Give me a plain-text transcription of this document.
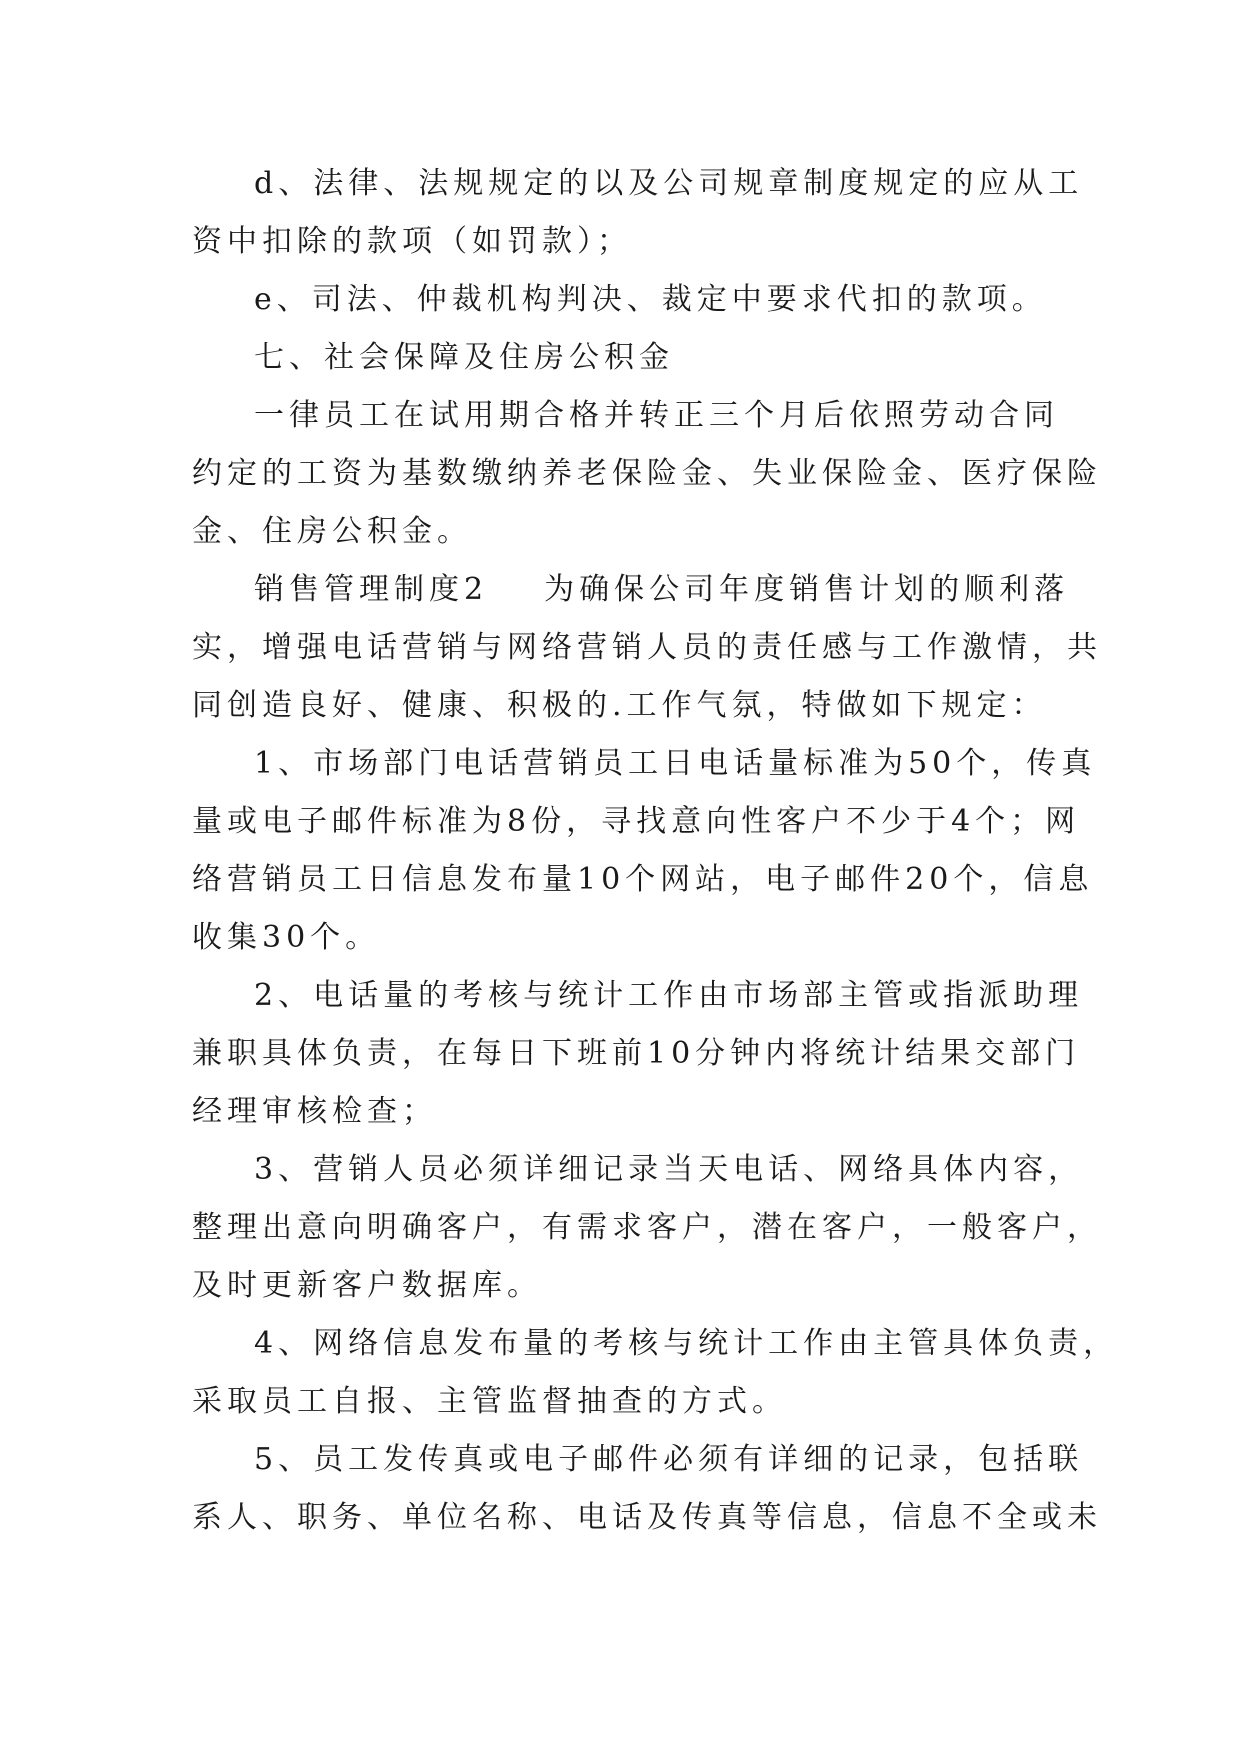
d、法律、法规规定的以及公司规章制度规定的应从工
资中扣除的款项（如罚款）；
e、司法、仲裁机构判决、裁定中要求代扣的款项。
七、社会保障及住房公积金
一律员工在试用期合格并转正三个月后依照劳动合同
约定的工资为基数缴纳养老保险金、失业保险金、医疗保险
金、住房公积金。
销售管理制度2 为确保公司年度销售计划的顺利落
实，增强电话营销与网络营销人员的责任感与工作激情，共
同创造良好、健康、积极的.工作气氛，特做如下规定：
1、市场部门电话营销员工日电话量标准为50个，传真
量或电子邮件标准为8份，寻找意向性客户不少于4个；网
络营销员工日信息发布量10个网站，电子邮件20个，信息
收集30个。
2、电话量的考核与统计工作由市场部主管或指派助理
兼职具体负责，在每日下班前10分钟内将统计结果交部门
经理审核检查；
3、营销人员必须详细记录当天电话、网络具体内容，
整理出意向明确客户，有需求客户，潜在客户，一般客户，
及时更新客户数据库。
4、网络信息发布量的考核与统计工作由主管具体负责，
采取员工自报、主管监督抽查的方式。
5、员工发传真或电子邮件必须有详细的记录，包括联
系人、职务、单位名称、电话及传真等信息，信息不全或未
